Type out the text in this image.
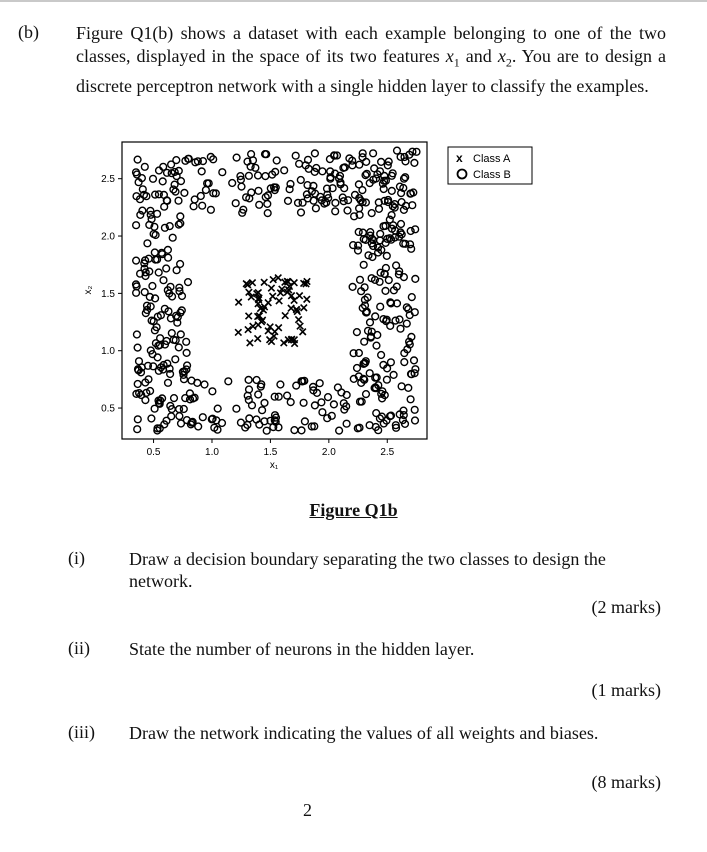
(b) Figure Q1(b) shows a dataset with each example belonging to one of the two classes, displayed in the space of its two features $x_1$ and $x_2$. You are to design a discrete perceptron network with a single hidden layer to classify the examples.

0.5	1.0	1.5	2.0	2.5
0.5
1.0
1.5
2.0
2.5
x₁
x₂
x Class A
Class B
Figure Q1b
(i) Draw a decision boundary separating the two classes to design the network.

(2 marks)
(ii) State the number of neurons in the hidden layer.

(1 marks)
(iii) Draw the network indicating the values of all weights and biases.

(8 marks)
2
